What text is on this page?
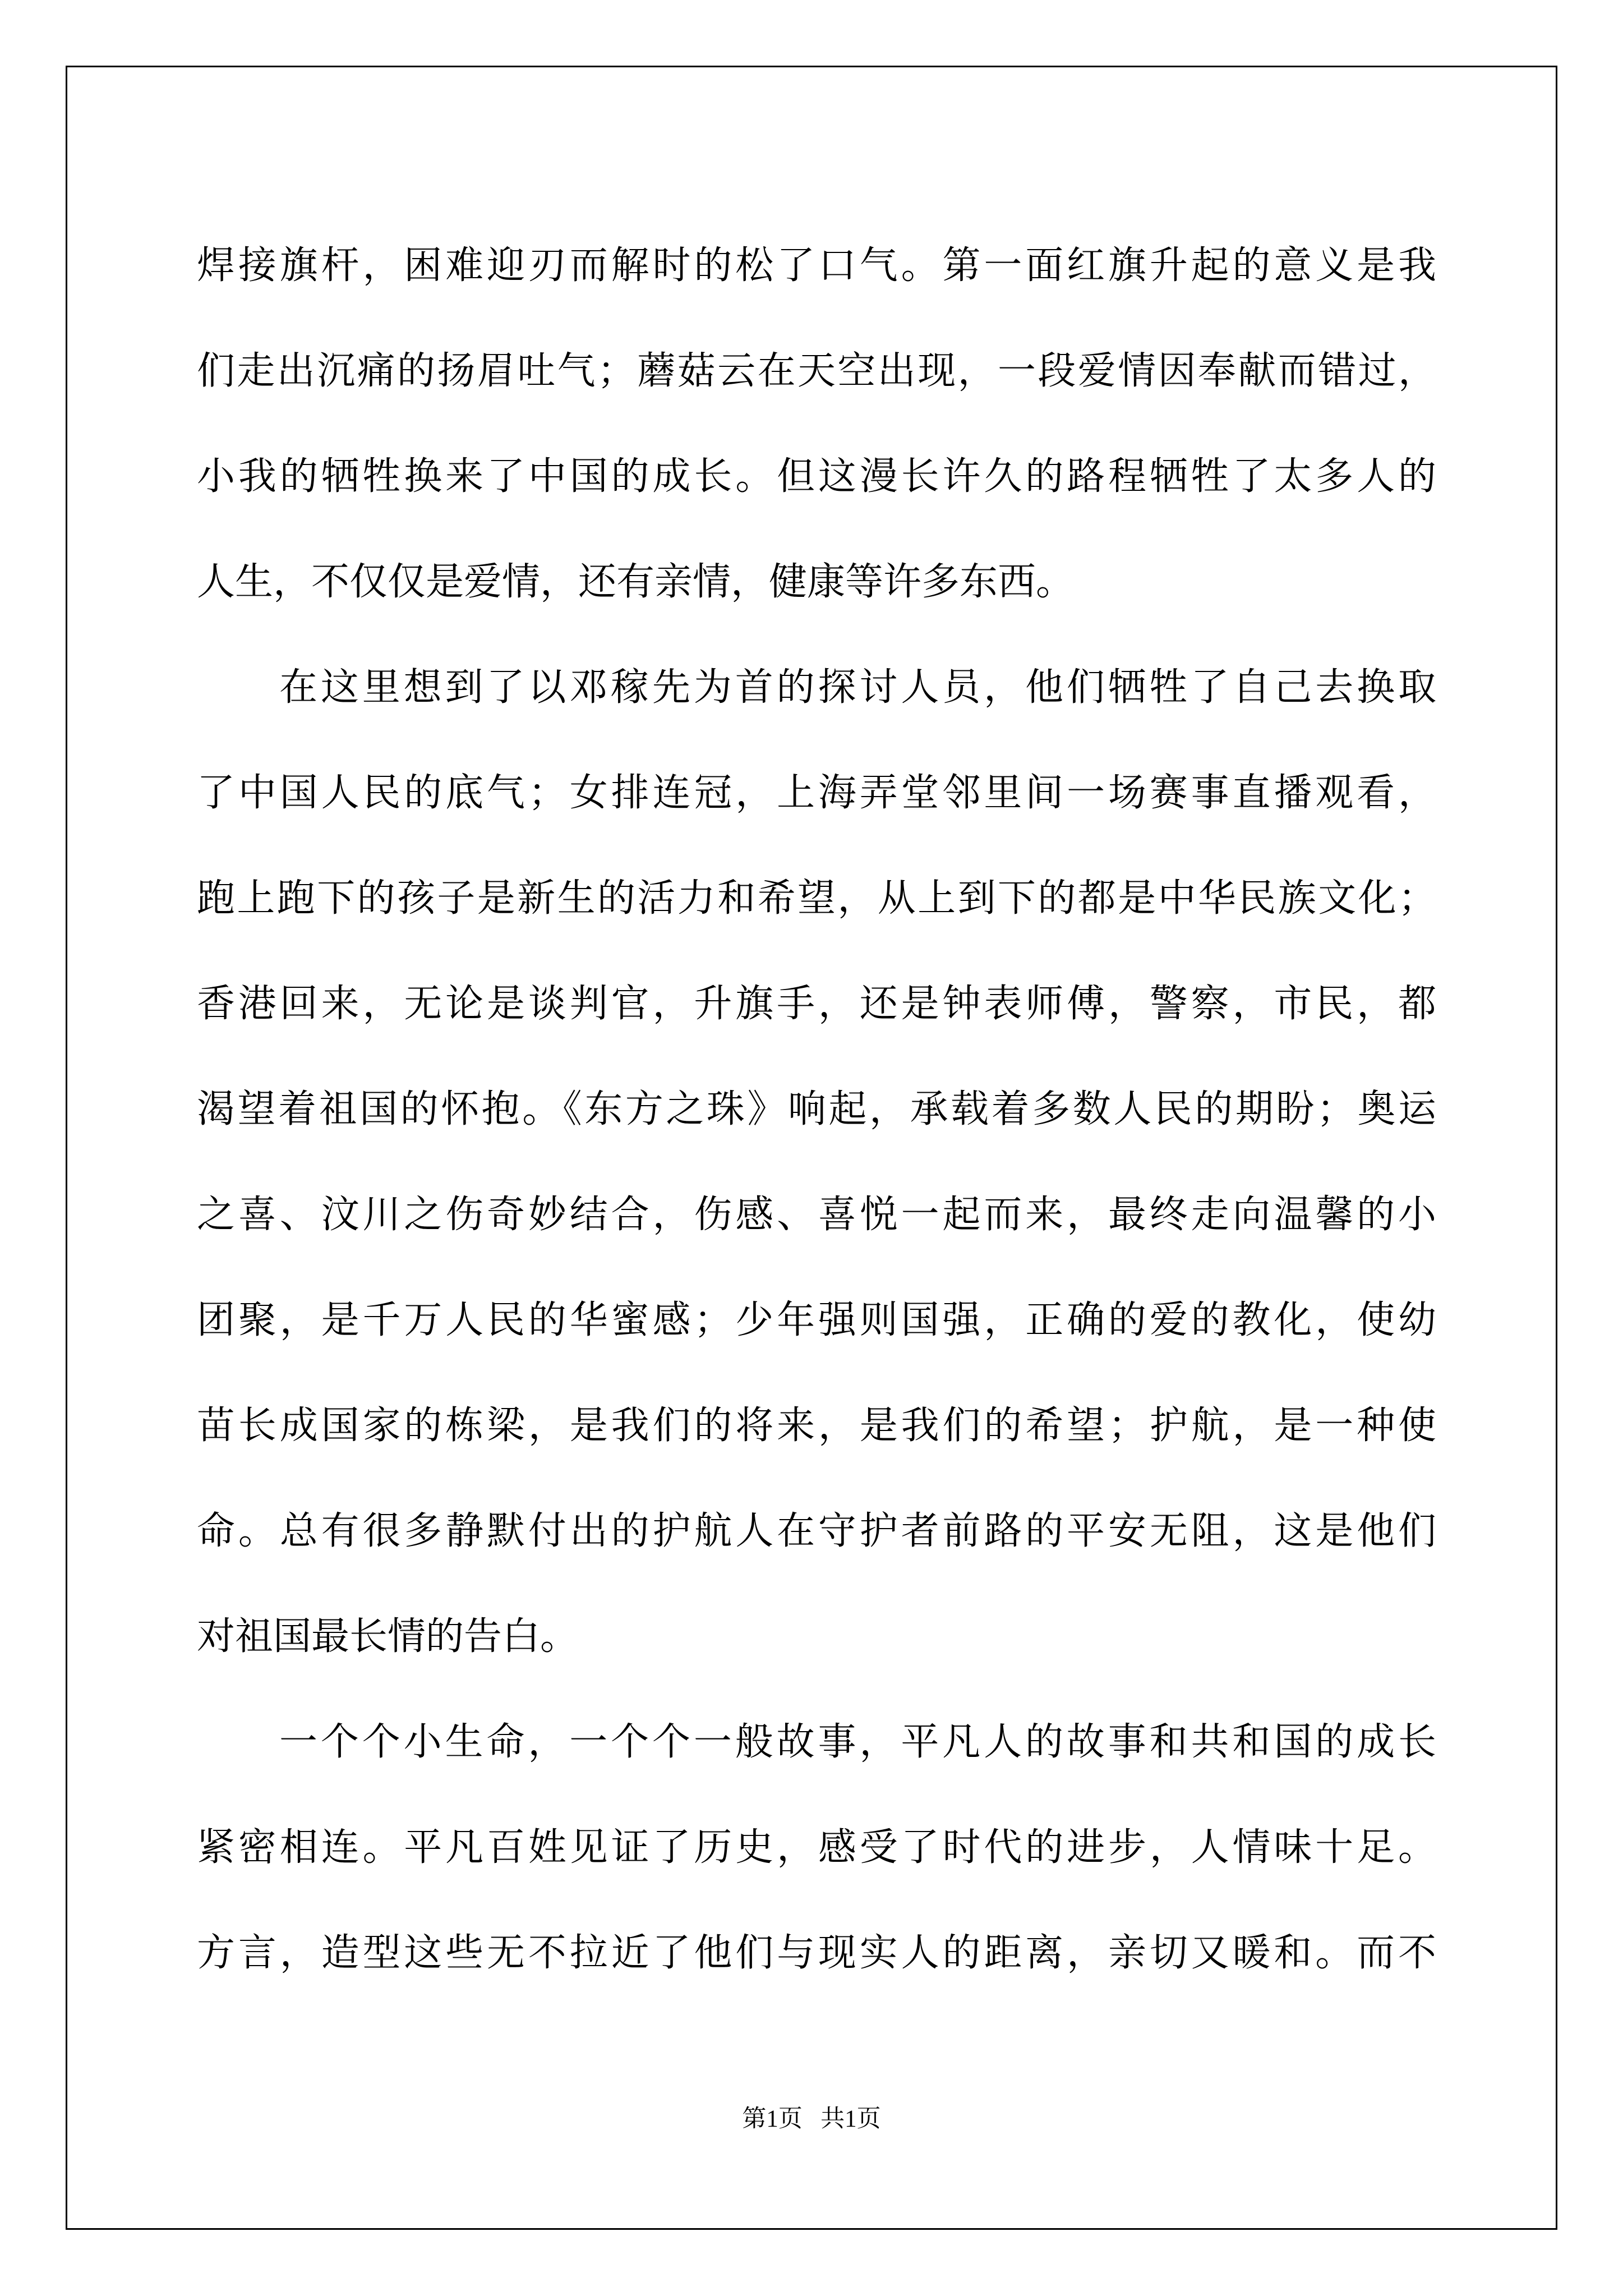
焊接旗杆，困难迎刃而解时的松了口气。第一面红旗升起的意义是我
们走出沉痛的扬眉吐气；蘑菇云在天空出现，一段爱情因奉献而错过，
小我的牺牲换来了中国的成长。但这漫长许久的路程牺牲了太多人的
人生，不仅仅是爱情，还有亲情，健康等许多东西。
在这里想到了以邓稼先为首的探讨人员，他们牺牲了自己去换取
了中国人民的底气；女排连冠，上海弄堂邻里间一场赛事直播观看，
跑上跑下的孩子是新生的活力和希望，从上到下的都是中华民族文化；
香港回来，无论是谈判官，升旗手，还是钟表师傅，警察，市民，都
渴望着祖国的怀抱。《东方之珠》响起，承载着多数人民的期盼；奥运
之喜、汶川之伤奇妙结合，伤感、喜悦一起而来，最终走向温馨的小
团聚，是千万人民的华蜜感；少年强则国强，正确的爱的教化，使幼
苗长成国家的栋梁，是我们的将来，是我们的希望；护航，是一种使
命。总有很多静默付出的护航人在守护者前路的平安无阻，这是他们
对祖国最长情的告白。
一个个小生命，一个个一般故事，平凡人的故事和共和国的成长
紧密相连。平凡百姓见证了历史，感受了时代的进步，人情味十足。
方言，造型这些无不拉近了他们与现实人的距离，亲切又暖和。而不
第1页 共1页
